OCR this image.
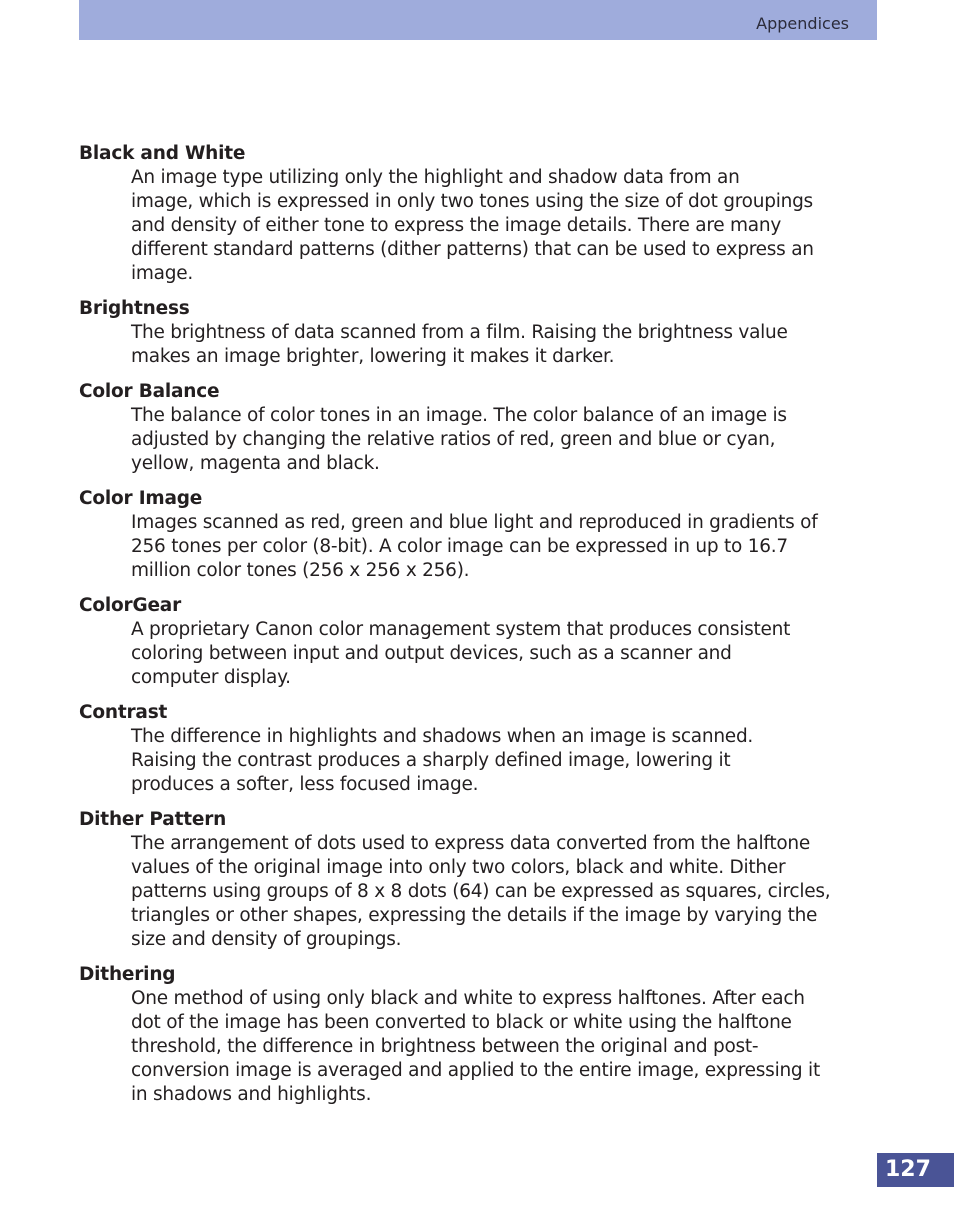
Appendices

Black and White

An image type utilizing only the highlight and shadow data from an
image, which is expressed in only two tones using the size of dot groupings
and density of either tone to express the image details. There are many
different standard patterns (dither patterns) that can be used to express an
image.

Brightness

The brightness of data scanned from a film. Raising the brightness value
makes an image brighter, lowering it makes it darker.

Color Balance

The balance of color tones in an image. The color balance of an image is
adjusted by changing the relative ratios of red, green and blue or cyan,
yellow, magenta and black.

Color Image

Images scanned as red, green and blue light and reproduced in gradients of
256 tones per color (8-bit). A color image can be expressed in up to 16.7
million color tones (256 x 256 x 256).

ColorGear

A proprietary Canon color management system that produces consistent
coloring between input and output devices, such as a scanner and
computer display.

Contrast

The difference in highlights and shadows when an image is scanned.
Raising the contrast produces a sharply defined image, lowering it
produces a softer, less focused image.

Dither Pattern

The arrangement of dots used to express data converted from the halftone
values of the original image into only two colors, black and white. Dither
patterns using groups of 8 x 8 dots (64) can be expressed as squares, circles,
triangles or other shapes, expressing the details if the image by varying the
size and density of groupings.

Dithering

One method of using only black and white to express halftones. After each
dot of the image has been converted to black or white using the halftone
threshold, the difference in brightness between the original and post-
conversion image is averaged and applied to the entire image, expressing it
in shadows and highlights.

127
